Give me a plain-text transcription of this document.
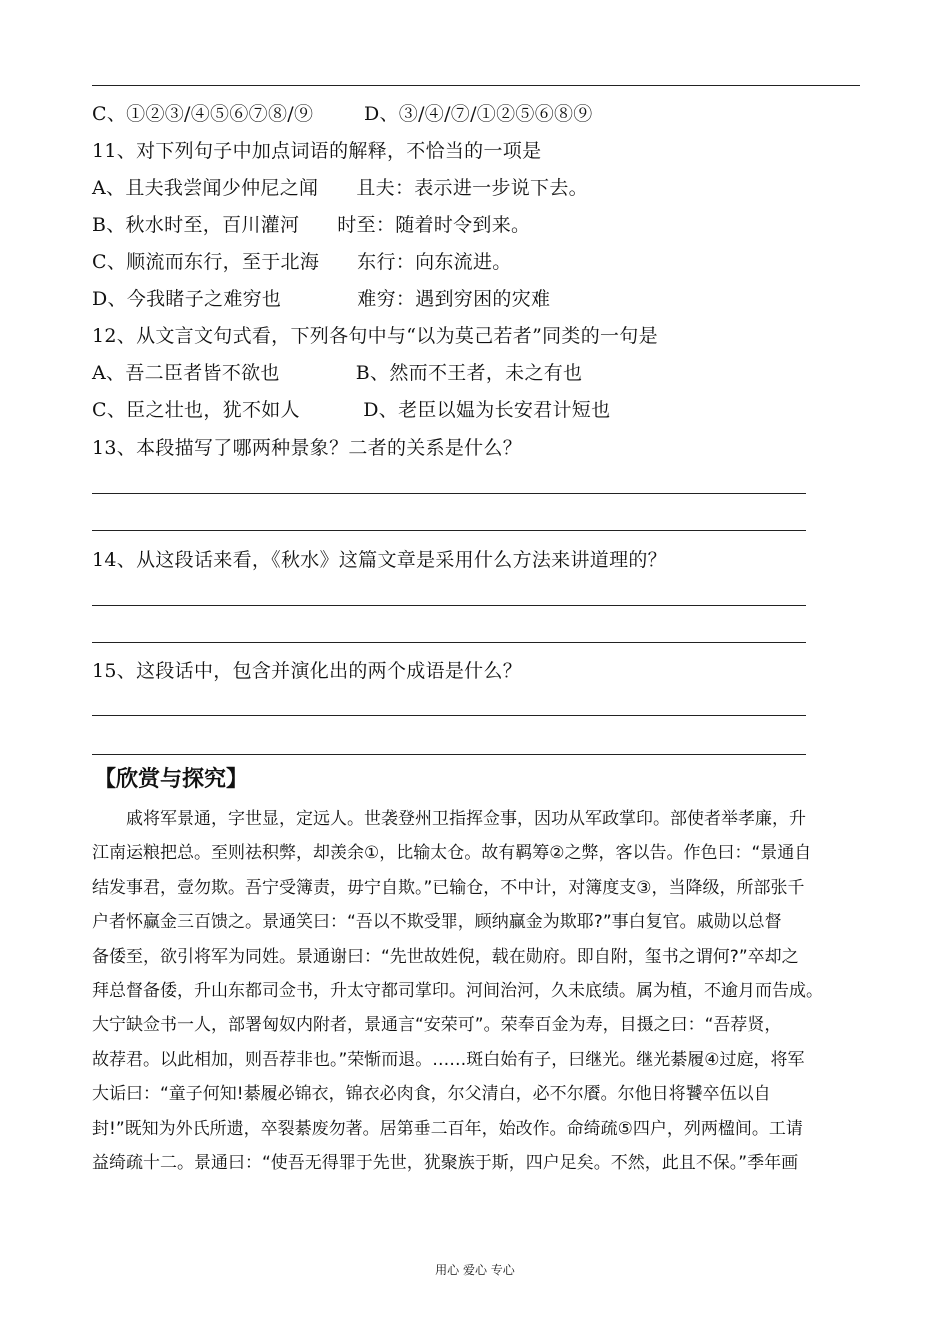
C、①②③/④⑤⑥⑦⑧/⑨        D、③/④/⑦/①②⑤⑥⑧⑨
11、对下列句子中加点词语的解释，不恰当的一项是
A、且夫我尝闻少仲尼之闻      且夫：表示进一步说下去。
B、秋水时至，百川灌河      时至：随着时令到来。
C、顺流而东行，至于北海      东行：向东流进。
D、今我睹子之难穷也            难穷：遇到穷困的灾难
12、从文言文句式看，下列各句中与“以为莫己若者”同类的一句是
A、吾二臣者皆不欲也            B、然而不王者，未之有也
C、臣之壮也，犹不如人          D、老臣以媪为长安君计短也
13、本段描写了哪两种景象？二者的关系是什么？
14、从这段话来看，《秋水》这篇文章是采用什么方法来讲道理的？
15、这段话中，包含并演化出的两个成语是什么？
【欣赏与探究】

　　戚将军景通，字世显，定远人。世袭登州卫指挥佥事，因功从军政掌印。部使者举孝廉，升

江南运粮把总。至则祛积弊，却羡余①，比输太仓。故有羁筹②之弊，客以告。作色曰：“景通自

结发事君，壹勿欺。吾宁受簿责，毋宁自欺。”已输仓，不中计，对簿度支③，当降级，所部张千

户者怀赢金三百馈之。景通笑曰：“吾以不欺受罪，顾纳赢金为欺耶?”事白复官。戚勋以总督

备倭至，欲引将军为同姓。景通谢曰：“先世故姓倪，载在勋府。即自附，玺书之谓何?”卒却之

拜总督备倭，升山东都司佥书，升太守都司掌印。河间治河，久未底绩。属为植，不逾月而告成。

大宁缺佥书一人，部署匈奴内附者，景通言“安荣可”。荣奉百金为寿，目摄之曰：“吾荐贤，

故荐君。以此相加，则吾荐非也。”荣惭而退。……斑白始有子，曰继光。继光綦履④过庭，将军

大诟曰：“童子何知!綦履必锦衣，锦衣必肉食，尔父清白，必不尔餍。尔他日将饕卒伍以自

封!”既知为外氏所遗，卒裂綦废勿著。居第垂二百年，始改作。命绮疏⑤四户，列两楹间。工请

益绮疏十二。景通曰：“使吾无得罪于先世，犹聚族于斯，四户足矣。不然，此且不保。”季年画

用心 爱心 专心
